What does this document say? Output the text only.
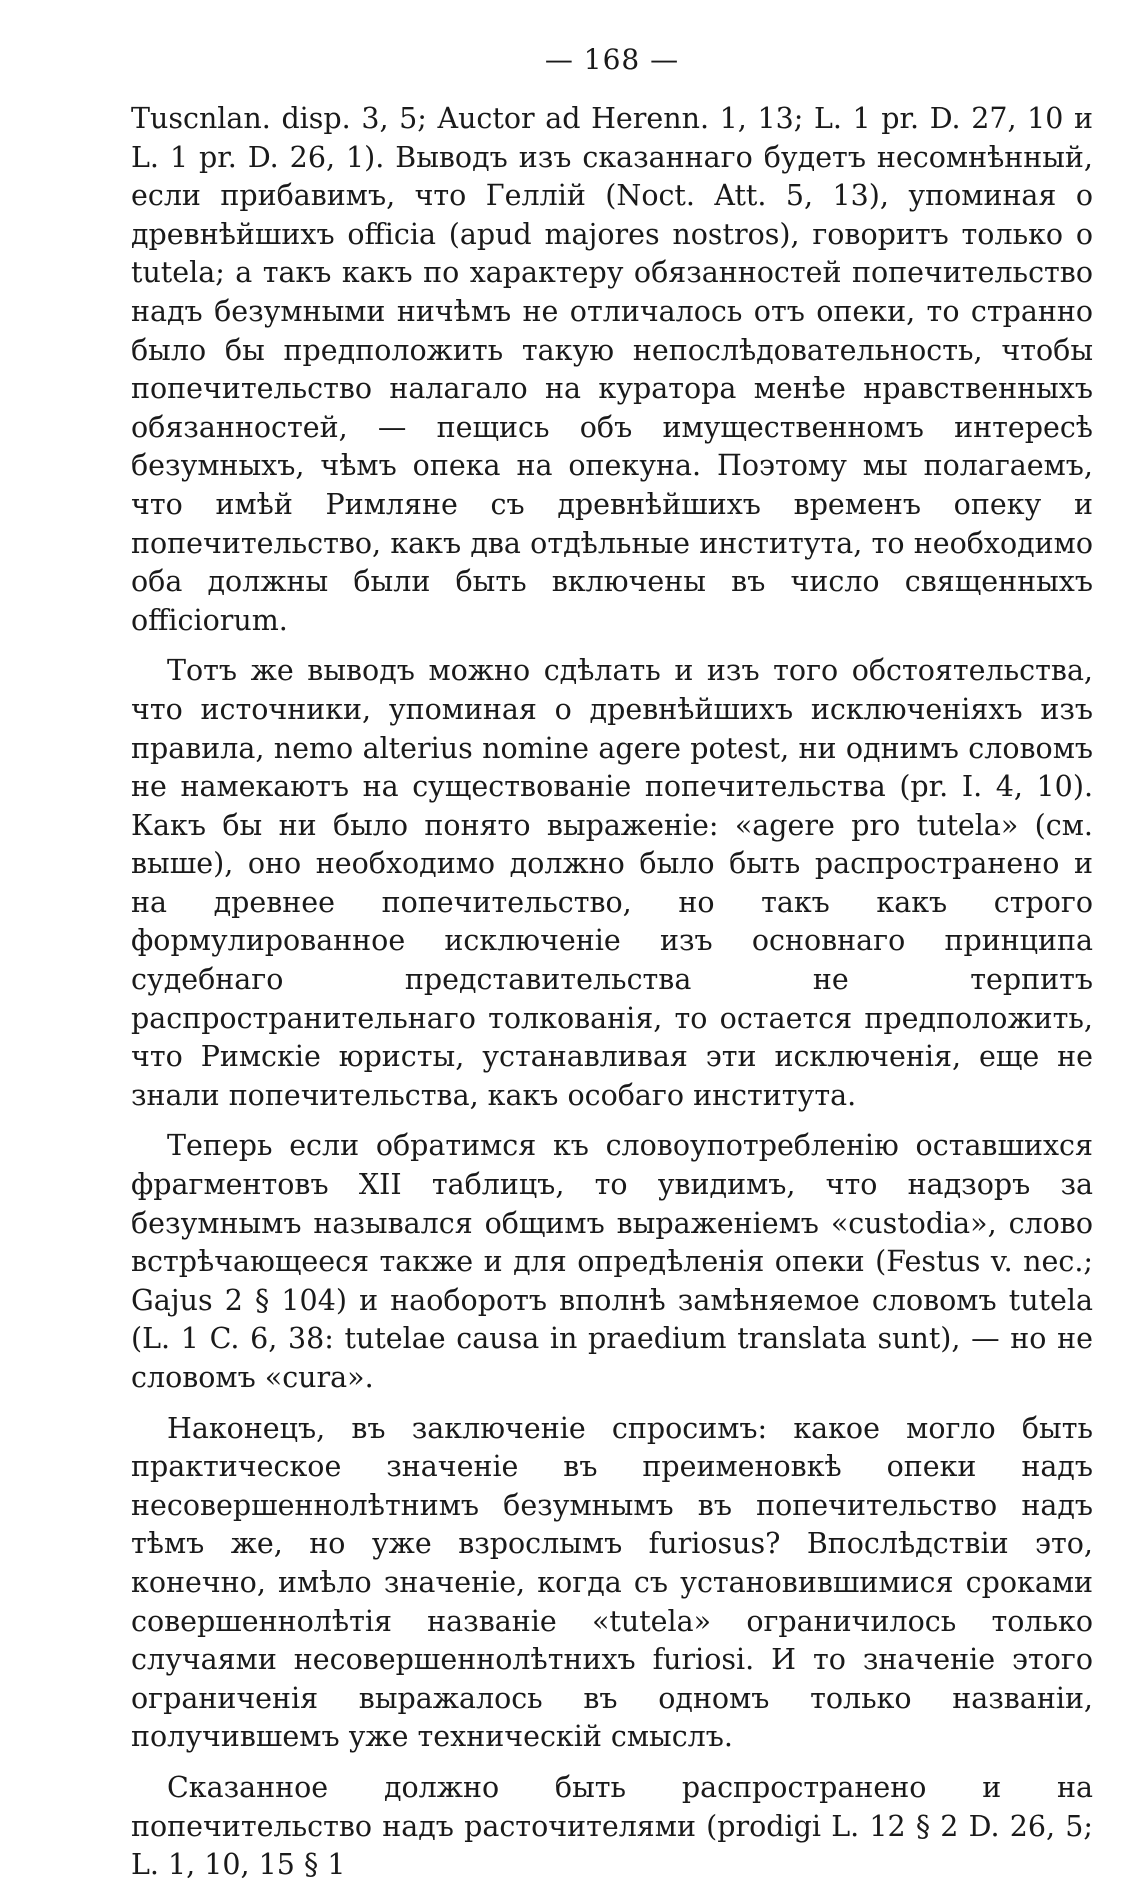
— 168 —

Tuscnlan. disp. 3, 5; Auctor ad Herenn. 1, 13; L. 1 pr. D. 27, 10 и L. 1 pr. D. 26, 1). Выводъ изъ сказаннаго будетъ несомнѣнный, если прибавимъ, что Геллій (Noct. Att. 5, 13), упоминая о древнѣйшихъ officia (apud majores nostros), говоритъ только о tutela; а такъ какъ по характеру обязанностей попечительство надъ безумными ничѣмъ не отличалось отъ опеки, то странно было бы предположить такую непослѣдовательность, чтобы попечительство налагало на куратора менѣе нравственныхъ обязанностей, — пещись объ имущественномъ интересѣ безумныхъ, чѣмъ опека на опекуна. Поэтому мы полагаемъ, что имѣй Римляне съ древнѣйшихъ временъ опеку и попечительство, какъ два отдѣльные института, то необходимо оба должны были быть включены въ число священныхъ officiorum.

Тотъ же выводъ можно сдѣлать и изъ того обстоятельства, что источники, упоминая о древнѣйшихъ исключеніяхъ изъ правила, nemo alterius nomine agere potest, ни однимъ словомъ не намекаютъ на существованіе попечительства (pr. I. 4, 10). Какъ бы ни было понято выраженіе: «agere pro tutela» (см. выше), оно необходимо должно было быть распространено и на древнее попечительство, но такъ какъ строго формулированное исключеніе изъ основнаго принципа судебнаго представительства не терпитъ распространительнаго толкованія, то остается предположить, что Римскіе юристы, устанавливая эти исключенія, еще не знали попечительства, какъ особаго института.

Теперь если обратимся къ словоупотребленію оставшихся фрагментовъ XII таблицъ, то увидимъ, что надзоръ за безумнымъ назывался общимъ выраженіемъ «custodia», слово встрѣчающееся также и для опредѣленія опеки (Festus v. nec.; Gajus 2 § 104) и наоборотъ вполнѣ замѣняемое словомъ tutela (L. 1 C. 6, 38: tutelae causa in praedium translata sunt), — но не словомъ «cura».

Наконецъ, въ заключеніе спросимъ: какое могло быть практическое значеніе въ преименовкѣ опеки надъ несовершеннолѣтнимъ безумнымъ въ попечительство надъ тѣмъ же, но уже взрослымъ furiosus? Впослѣдствіи это, конечно, имѣло значеніе, когда съ установившимися сроками совершеннолѣтія названіе «tutela» ограничилось только случаями несовершеннолѣтнихъ furiosi. И то значеніе этого ограниченія выражалось въ одномъ только названіи, получившемъ уже техническій смыслъ.

Сказанное должно быть распространено и на попечительство надъ расточителями (prodigi L. 12 § 2 D. 26, 5; L. 1, 10, 15 § 1
